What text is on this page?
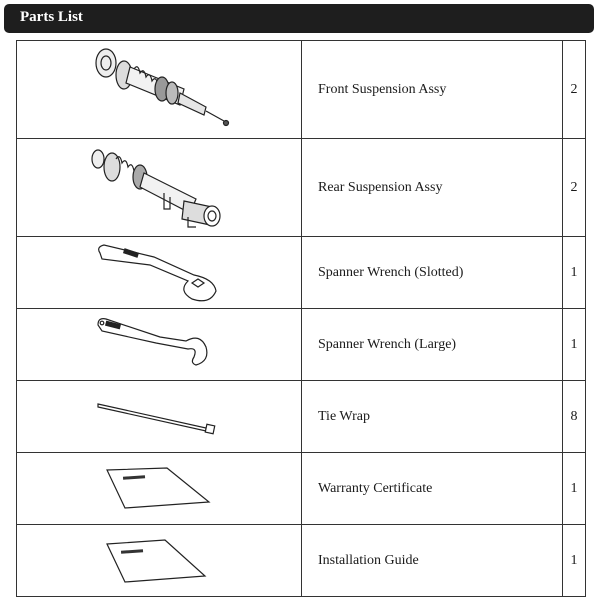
Parts List
	Front Suspension Assy	2

	Rear Suspension Assy	2

	Spanner Wrench (Slotted)	1

	Spanner Wrench (Large)	1

	Tie Wrap	8

	Warranty Certificate	1

	Installation Guide	1
